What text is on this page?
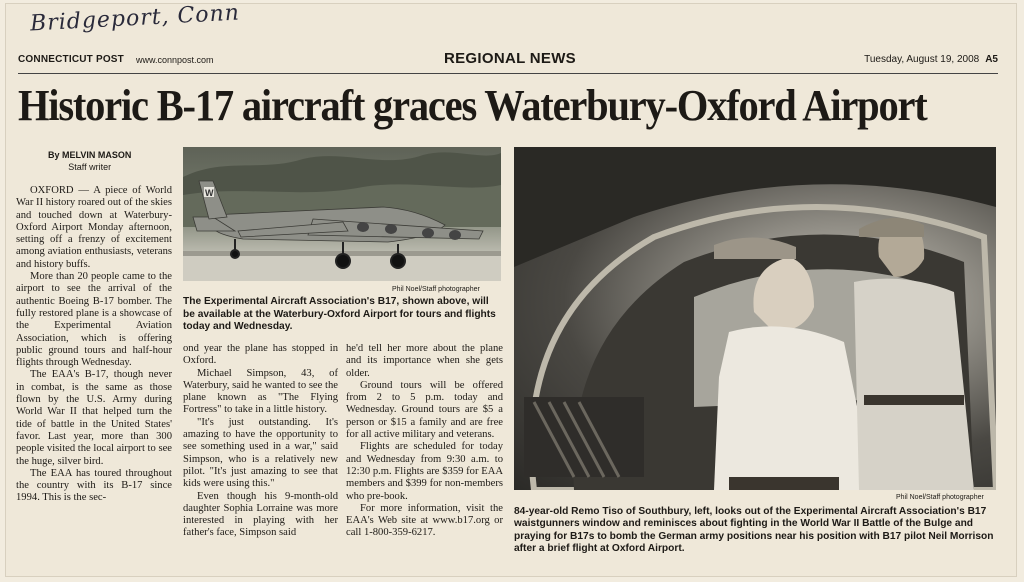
Bridgeport, Conn
CONNECTICUT POST www.connpost.com	REGIONAL NEWS	Tuesday, August 19, 2008 A5
Historic B-17 aircraft graces Waterbury-Oxford Airport
By MELVIN MASON
Staff writer
W
Phil Noel/Staff photographer
The Experimental Aircraft Association's B17, shown above, will be available at the Waterbury-Oxford Airport for tours and flights today and Wednesday.
Phil Noel/Staff photographer
84-year-old Remo Tiso of Southbury, left, looks out of the Experimental Aircraft Association's B17 waistgunners window and reminisces about fighting in the World War II Battle of the Bulge and praying for B17s to bomb the German army positions near his position with B17 pilot Neil Morrison after a brief flight at Oxford Airport.

OXFORD — A piece of World War II history roared out of the skies and touched down at Waterbury-Oxford Airport Monday afternoon, setting off a frenzy of excitement among aviation enthusiasts, veterans and history buffs.

More than 20 people came to the airport to see the arrival of the authentic Boeing B-17 bomber. The fully restored plane is a showcase of the Experimental Aviation Association, which is offering public ground tours and half-hour flights through Wednesday.

The EAA's B-17, though never in combat, is the same as those flown by the U.S. Army during World War II that helped turn the tide of battle in the United States' favor. Last year, more than 300 people visited the local airport to see the huge, silver bird.

The EAA has toured throughout the country with its B-17 since 1994. This is the sec-

ond year the plane has stopped in Oxford.

Michael Simpson, 43, of Waterbury, said he wanted to see the plane known as "The Flying Fortress" to take in a little history.

"It's just outstanding. It's amazing to have the opportunity to see something used in a war," said Simpson, who is a relatively new pilot. "It's just amazing to see that kids were using this."

Even though his 9-month-old daughter Sophia Lorraine was more interested in playing with her father's face, Simpson said

he'd tell her more about the plane and its importance when she gets older.

Ground tours will be offered from 2 to 5 p.m. today and Wednesday. Ground tours are $5 a person or $15 a family and are free for all active military and veterans.

Flights are scheduled for today and Wednesday from 9:30 a.m. to 12:30 p.m. Flights are $359 for EAA members and $399 for non-members who pre-book.

For more information, visit the EAA's Web site at www.b17.org or call 1-800-359-6217.
